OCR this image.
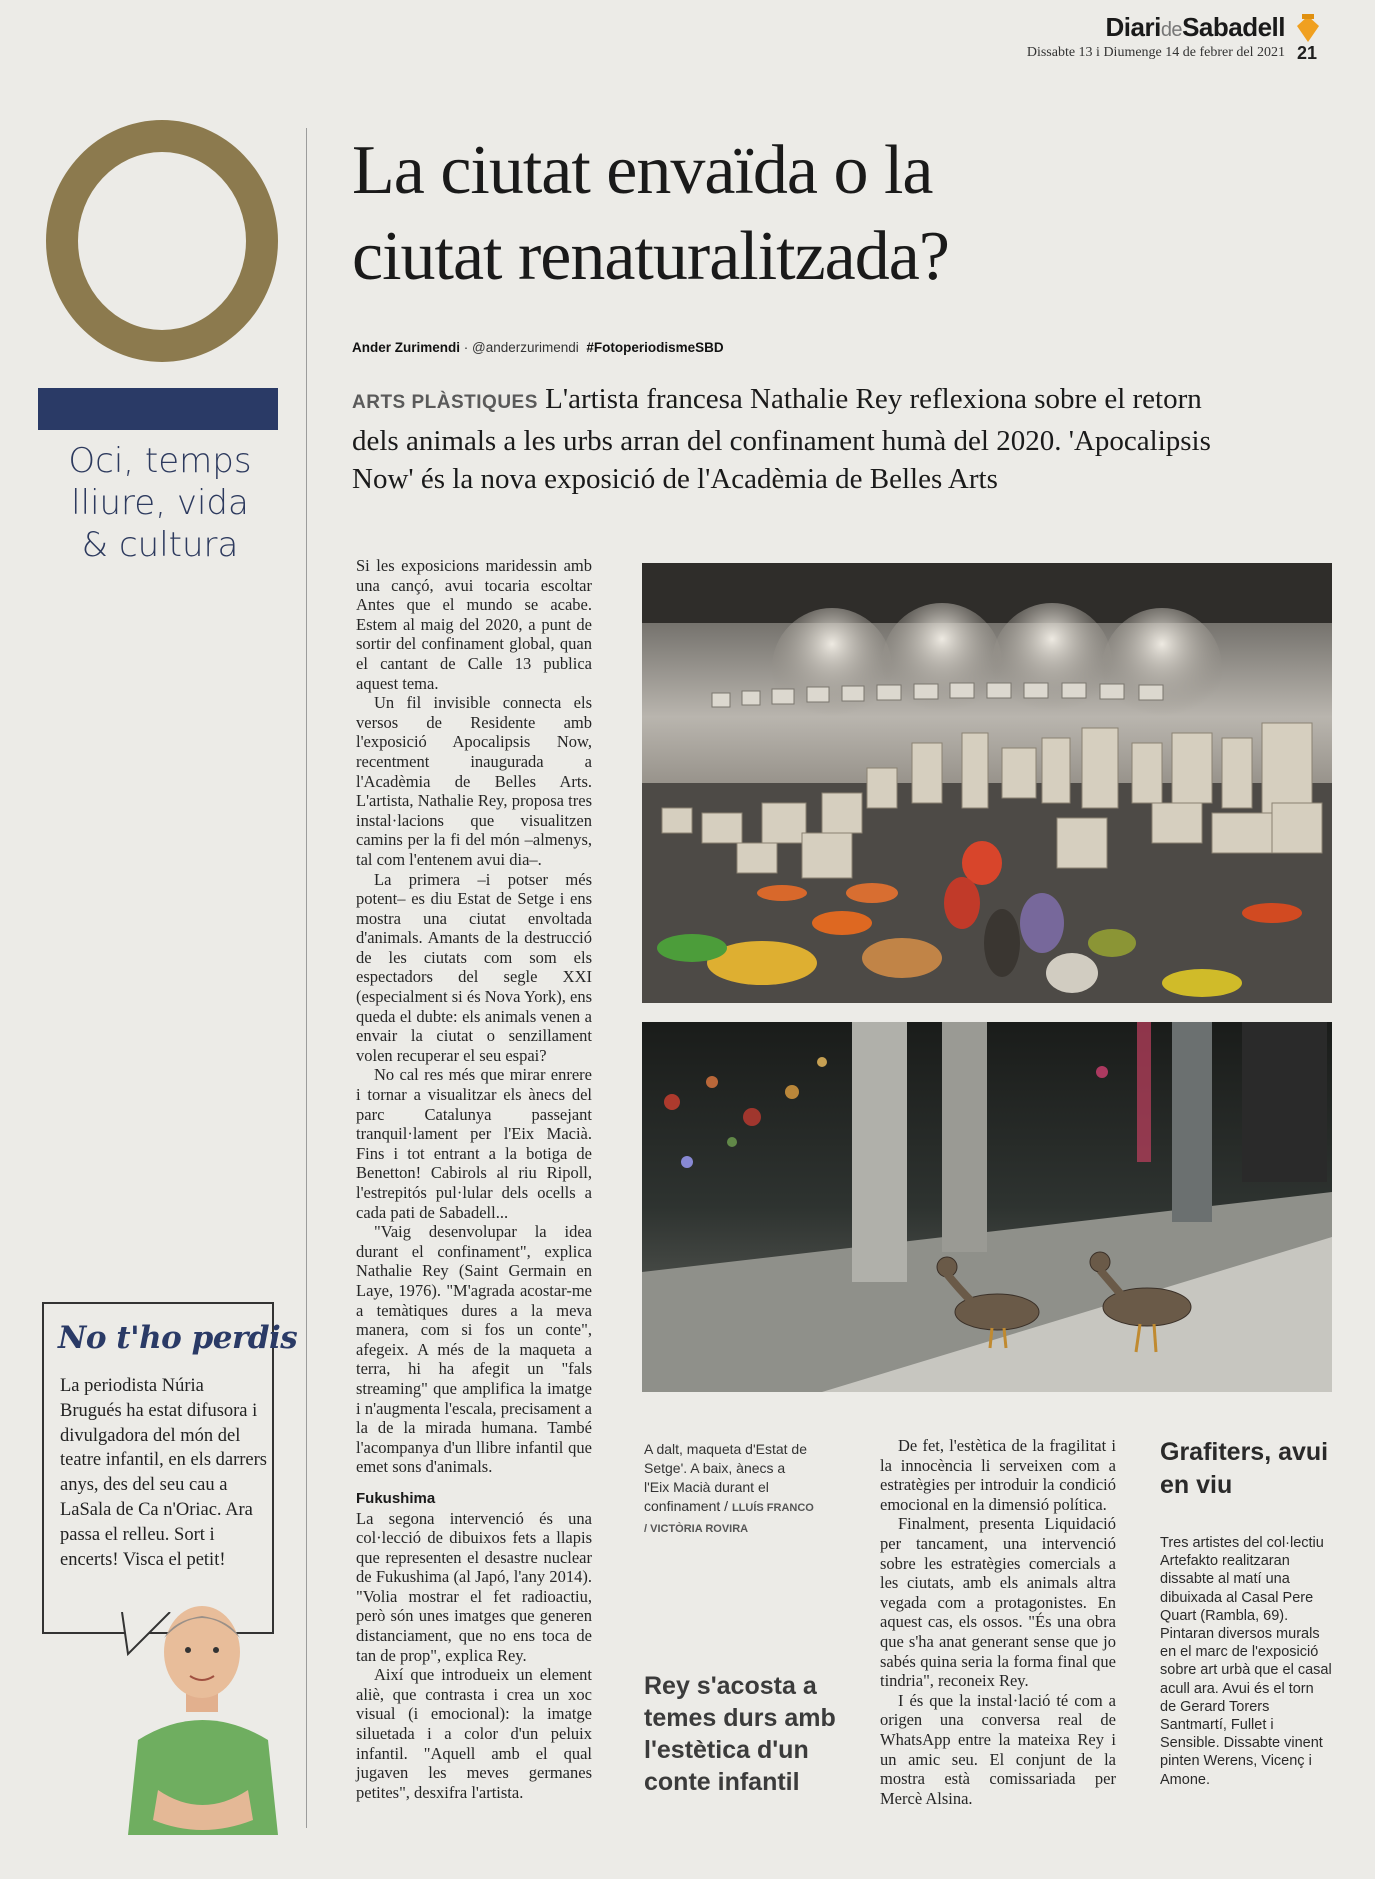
DiarideSabadell
Dissabte 13 i Diumenge 14 de febrer del 2021 21
Oci, temps
lliure, vida
& cultura
La ciutat envaïda o la
ciutat renaturalitzada?
Ander Zurimendi · @anderzurimendi #FotoperiodismeSBD
ARTS PLÀSTIQUES L'artista francesa Nathalie Rey reflexiona sobre el retorn dels animals a les urbs arran del confinament humà del 2020. 'Apocalipsis Now' és la nova exposició de l'Acadèmia de Belles Arts

Si les exposicions maridessin amb una cançó, avui tocaria escoltar Antes que el mundo se acabe. Estem al maig del 2020, a punt de sortir del confinament global, quan el cantant de Calle 13 publica aquest tema.

Un fil invisible connecta els versos de Residente amb l'exposició Apocalipsis Now, recentment inaugurada a l'Acadèmia de Belles Arts. L'artista, Nathalie Rey, proposa tres instal·lacions que visualitzen camins per la fi del món –almenys, tal com l'entenem avui dia–.

La primera –i potser més potent– es diu Estat de Setge i ens mostra una ciutat envoltada d'animals. Amants de la destrucció de les ciutats com som els espectadors del segle XXI (especialment si és Nova York), ens queda el dubte: els animals venen a envair la ciutat o senzillament volen recuperar el seu espai?

No cal res més que mirar enrere i tornar a visualitzar els ànecs del parc Catalunya passejant tranquil·lament per l'Eix Macià. Fins i tot entrant a la botiga de Benetton! Cabirols al riu Ripoll, l'estrepitós pul·lular dels ocells a cada pati de Sabadell...

"Vaig desenvolupar la idea durant el confinament", explica Nathalie Rey (Saint Germain en Laye, 1976). "M'agrada acostar-me a temàtiques dures a la meva manera, com si fos un conte", afegeix. A més de la maqueta a terra, hi ha afegit un "fals streaming" que amplifica la imatge i n'augmenta l'escala, precisament a la de la mirada humana. També l'acompanya d'un llibre infantil que emet sons d'animals.

Fukushima

La segona intervenció és una col·lecció de dibuixos fets a llapis que representen el desastre nuclear de Fukushima (al Japó, l'any 2014). "Volia mostrar el fet radioactiu, però són unes imatges que generen distanciament, que no ens toca de tan de prop", explica Rey.

Així que introdueix un element aliè, que contrasta i crea un xoc visual (i emocional): la imatge siluetada i a color d'un peluix infantil. "Aquell amb el qual jugaven les meves germanes petites", desxifra l'artista.

A dalt, maqueta d'Estat de Setge'. A baix, ànecs a l'Eix Macià durant el confinament / LLUÍS FRANCO / VICTÒRIA ROVIRA
Rey s'acosta a temes durs amb l'estètica d'un conte infantil

De fet, l'estètica de la fragilitat i la innocència li serveixen com a estratègies per introduir la condició emocional en la dimensió política.

Finalment, presenta Liquidació per tancament, una intervenció sobre les estratègies comercials a les ciutats, amb els animals altra vegada com a protagonistes. En aquest cas, els ossos. "És una obra que s'ha anat generant sense que jo sabés quina seria la forma final que tindria", reconeix Rey.

I és que la instal·lació té com a origen una conversa real de WhatsApp entre la mateixa Rey i un amic seu. El conjunt de la mostra està comissariada per Mercè Alsina.

Grafiters, avui en viu
Tres artistes del col·lectiu Artefakto realitzaran dissabte al matí una dibuixada al Casal Pere Quart (Rambla, 69). Pintaran diversos murals en el marc de l'exposició sobre art urbà que el casal acull ara. Avui és el torn de Gerard Torers Santmartí, Fullet i Sensible. Dissabte vinent pinten Werens, Vicenç i Amone.
No t'ho perdis
La periodista Núria Brugués ha estat difusora i divulgadora del món del teatre infantil, en els darrers anys, des del seu cau a LaSala de Ca n'Oriac. Ara passa el relleu. Sort i encerts! Visca el petit!
